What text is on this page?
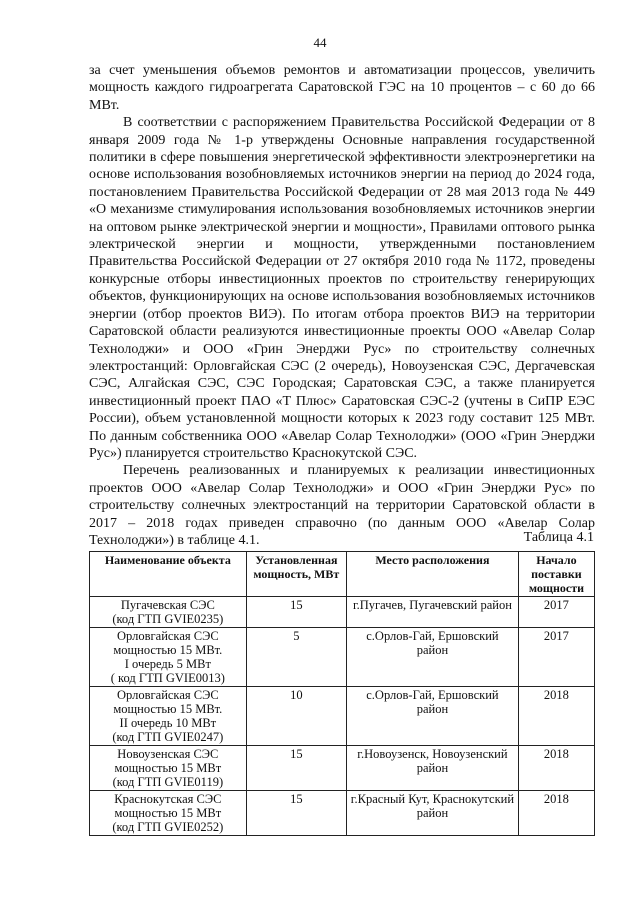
44

за счет уменьшения объемов ремонтов и автоматизации процессов, увеличить мощность каждого гидроагрегата Саратовской ГЭС на 10 процентов – с 60 до 66 МВт.

В соответствии с распоряжением Правительства Российской Федерации от 8 января 2009 года № 1-р утверждены Основные направления государственной политики в сфере повышения энергетической эффективности электроэнергетики на основе использования возобновляемых источников энергии на период до 2024 года, постановлением Правительства Российской Федерации от 28 мая 2013 года № 449 «О механизме стимулирования использования возобновляемых источников энергии на оптовом рынке электрической энергии и мощности», Правилами оптового рынка электрической энергии и мощности, утвержденными постановлением Правительства Российской Федерации от 27 октября 2010 года № 1172, проведены конкурсные отборы инвестиционных проектов по строительству генерирующих объектов, функционирующих на основе использования возобновляемых источников энергии (отбор проектов ВИЭ). По итогам отбора проектов ВИЭ на территории Саратовской области реализуются инвестиционные проекты ООО «Авелар Солар Технолоджи» и ООО «Грин Энерджи Рус» по строительству солнечных электростанций: Орловгайская СЭС (2 очередь), Новоузенская СЭС, Дергачевская СЭС, Алгайская СЭС, СЭС Городская; Саратовская СЭС, а также планируется инвестиционный проект ПАО «Т Плюс» Саратовская СЭС-2 (учтены в СиПР ЕЭС России), объем установленной мощности которых к 2023 году составит 125 МВт. По данным собственника ООО «Авелар Солар Технолоджи» (ООО «Грин Энерджи Рус») планируется строительство Краснокутской СЭС.

Перечень реализованных и планируемых к реализации инвестиционных проектов ООО «Авелар Солар Технолоджи» и ООО «Грин Энерджи Рус» по строительству солнечных электростанций на территории Саратовской области в 2017 – 2018 годах приведен справочно (по данным ООО «Авелар Солар Технолоджи») в таблице 4.1.	Таблица 4.1
Наименование объекта	Установленная мощность, МВт	Место расположения	Начало поставки мощности
Пугачевская СЭС
(код ГТП GVIE0235)	15	г.Пугачев, Пугачевский район	2017
Орловгайская СЭС
мощностью 15 МВт.
I очередь 5 МВт
( код ГТП GVIE0013)	5	с.Орлов-Гай, Ершовский район	2017
Орловгайская СЭС
мощностью 15 МВт.
II очередь 10 МВт
(код ГТП GVIE0247)	10	с.Орлов-Гай, Ершовский район	2018
Новоузенская СЭС
мощностью 15 МВт
(код ГТП GVIE0119)	15	г.Новоузенск, Новоузенский район	2018
Краснокутская СЭС
мощностью 15 МВт
(код ГТП GVIE0252)	15	г.Красный Кут, Краснокутский район	2018
